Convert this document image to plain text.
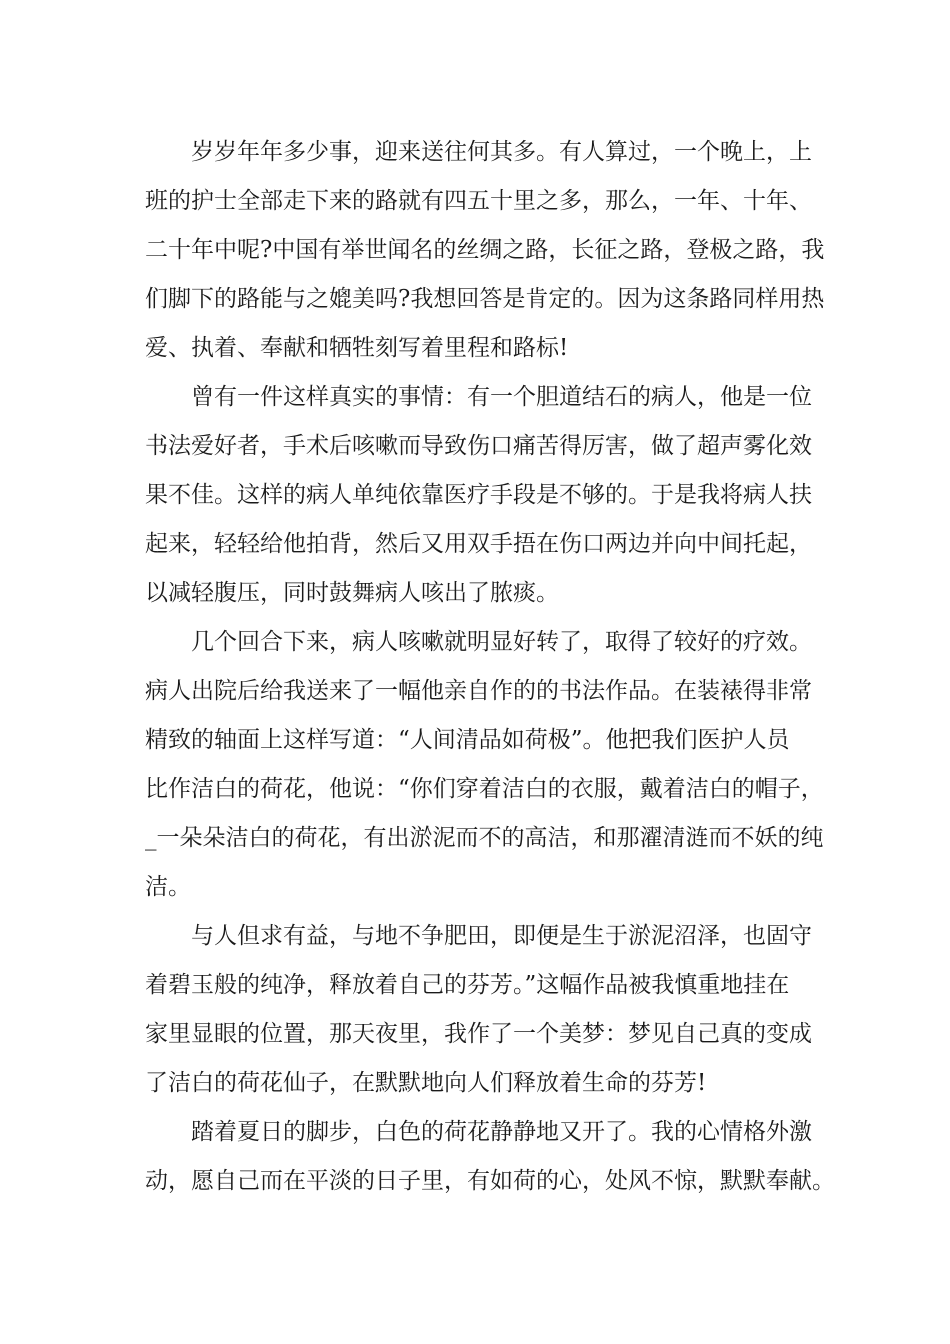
岁岁年年多少事，迎来送往何其多。有人算过，一个晚上，上
班的护士全部走下来的路就有四五十里之多，那么，一年、十年、
二十年中呢?中国有举世闻名的丝绸之路，长征之路，登极之路，我
们脚下的路能与之媲美吗?我想回答是肯定的。因为这条路同样用热
爱、执着、奉献和牺牲刻写着里程和路标!
曾有一件这样真实的事情：有一个胆道结石的病人，他是一位
书法爱好者，手术后咳嗽而导致伤口痛苦得厉害，做了超声雾化效
果不佳。这样的病人单纯依靠医疗手段是不够的。于是我将病人扶
起来，轻轻给他拍背，然后又用双手捂在伤口两边并向中间托起，
以减轻腹压，同时鼓舞病人咳出了脓痰。
几个回合下来，病人咳嗽就明显好转了，取得了较好的疗效。
病人出院后给我送来了一幅他亲自作的的书法作品。在装裱得非常
精致的轴面上这样写道：“人间清品如荷极”。他把我们医护人员
比作洁白的荷花，他说：“你们穿着洁白的衣服，戴着洁白的帽子，
_一朵朵洁白的荷花，有出淤泥而不的高洁，和那濯清涟而不妖的纯
洁。
与人但求有益，与地不争肥田，即便是生于淤泥沼泽，也固守
着碧玉般的纯净，释放着自己的芬芳。”这幅作品被我慎重地挂在
家里显眼的位置，那天夜里，我作了一个美梦：梦见自己真的变成
了洁白的荷花仙子，在默默地向人们释放着生命的芬芳!
踏着夏日的脚步，白色的荷花静静地又开了。我的心情格外激
动，愿自己而在平淡的日子里，有如荷的心，处风不惊，默默奉献。
